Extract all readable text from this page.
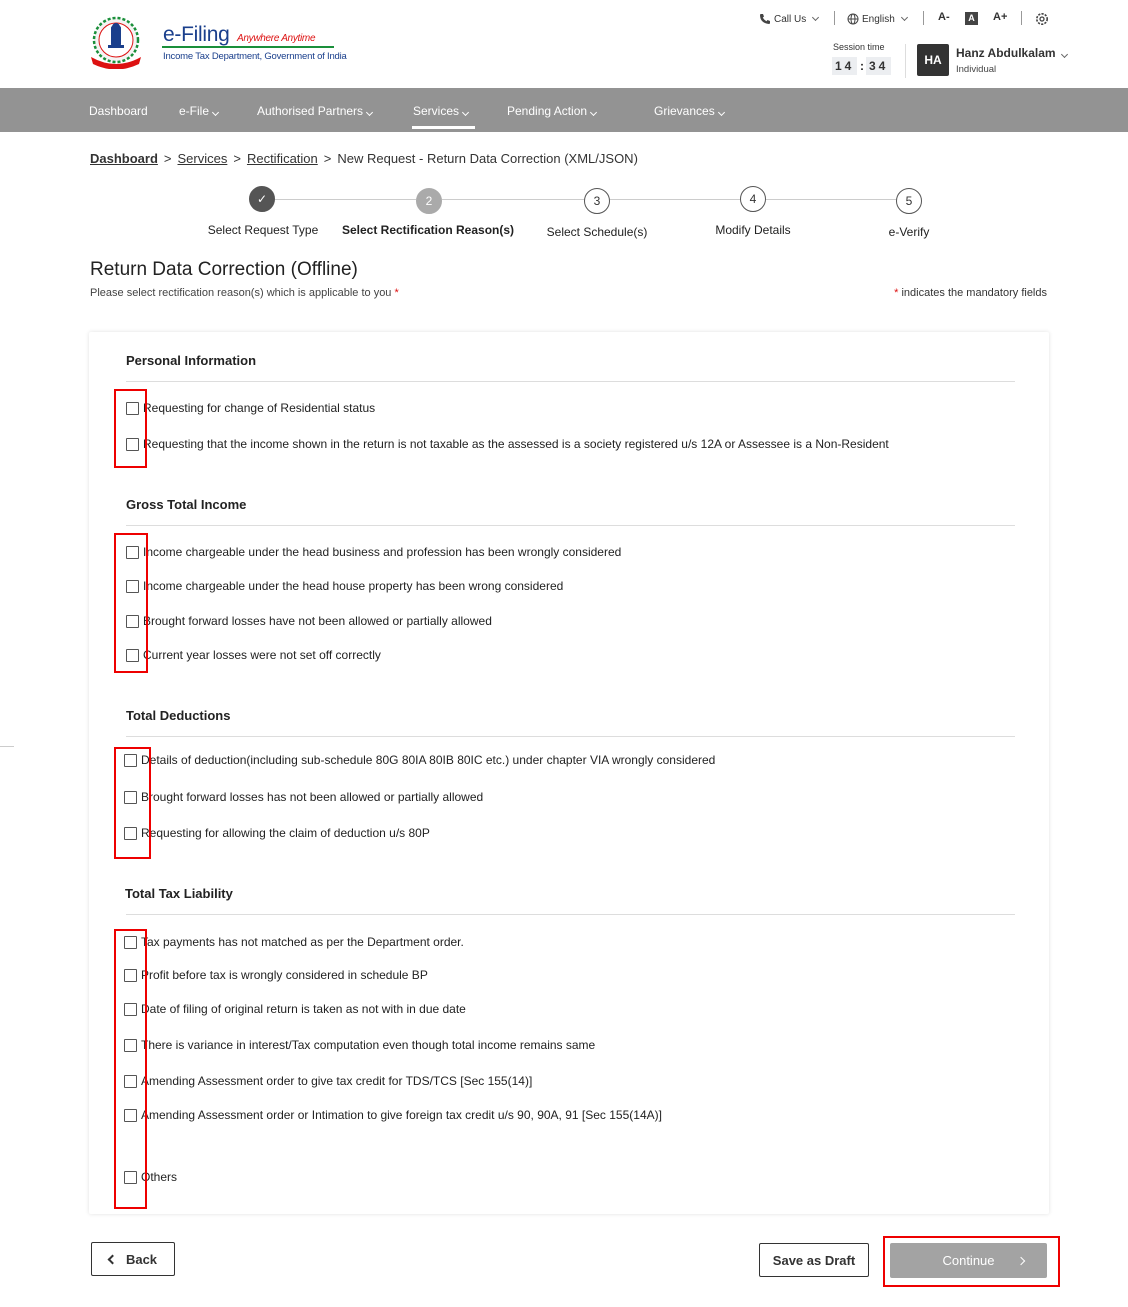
e-Filing Anywhere Anytime
Income Tax Department, Government of India
Call Us	English	A-	A A+
Session time
14 : 34	HA	Hanz Abdulkalam
Individual
Dashboard	e-File	Authorised Partners	Services	Pending Action	Grievances
Dashboard > Services > Rectification > New Request - Return Data Correction (XML/JSON)
✓	2	3	4	5
Select Request Type Select Rectification Reason(s)	Select Schedule(s)	Modify Details	e-Verify
Return Data Correction (Offline)
Please select rectification reason(s) which is applicable to you *	* indicates the mandatory fields
Personal Information
Requesting for change of Residential status
Requesting that the income shown in the return is not taxable as the assessed is a society registered u/s 12A or Assessee is a Non-Resident
Gross Total Income
Income chargeable under the head business and profession has been wrongly considered
Income chargeable under the head house property has been wrong considered
Brought forward losses have not been allowed or partially allowed
Current year losses were not set off correctly
Total Deductions
Details of deduction(including sub-schedule 80G 80IA 80IB 80IC etc.) under chapter VIA wrongly considered
Brought forward losses has not been allowed or partially allowed
Requesting for allowing the claim of deduction u/s 80P
Total Tax Liability
Tax payments has not matched as per the Department order.
Profit before tax is wrongly considered in schedule BP
Date of filing of original return is taken as not with in due date
There is variance in interest/Tax computation even though total income remains same
Amending Assessment order to give tax credit for TDS/TCS [Sec 155(14)]
Amending Assessment order or Intimation to give foreign tax credit u/s 90, 90A, 91 [Sec 155(14A)]
Others
Back	Save as Draft	Continue
